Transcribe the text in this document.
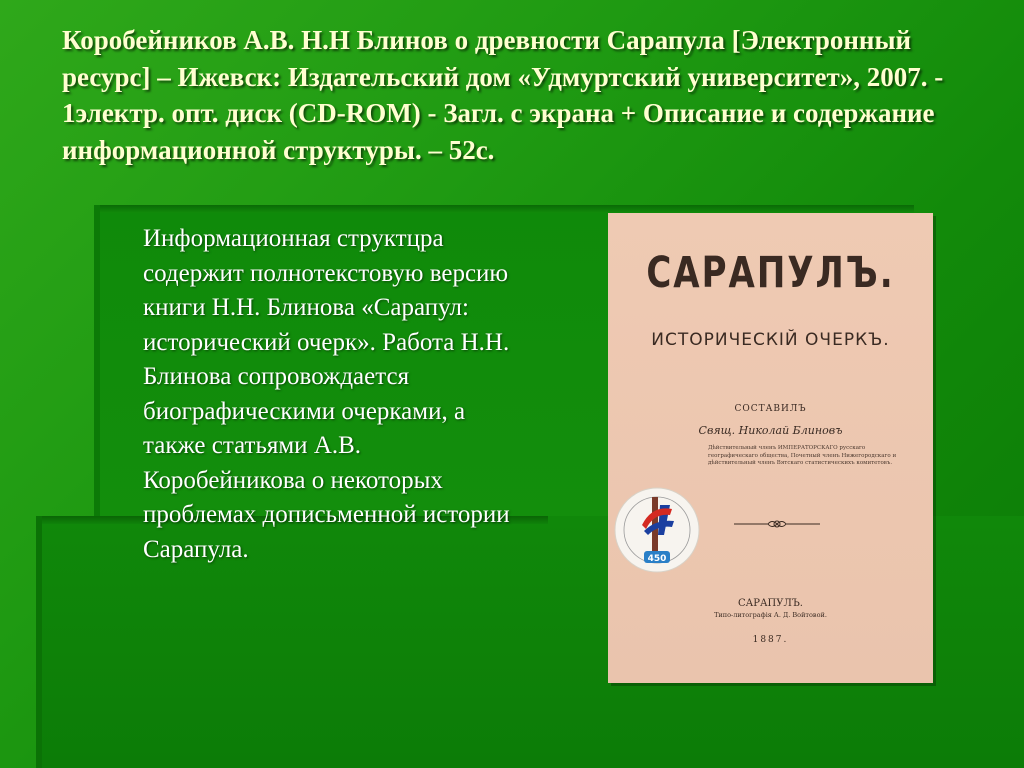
Коробейников А.В. Н.Н Блинов о древности Сарапула [Электронный ресурс] – Ижевск: Издательский дом «Удмуртский университет», 2007. - 1электр. опт. диск (CD-ROM) - Загл. с экрана + Описание и содержание информационной структуры. – 52с.

Информационная структцра содержит полнотекстовую версию книги Н.Н. Блинова «Сарапул: исторический очерк». Работа Н.Н. Блинова сопровождается биографическими очерками, а также статьями А.В. Коробейникова о некоторых проблемах дописьменной истории Сарапула.

САРАПУЛЪ.

ИСТОРИЧЕСКIЙ ОЧЕРКЪ.

СОСТАВИЛЪ

Свящ. Николай Блиновъ

Дѣйствительный членъ ИМПЕРАТОРСКАГО русскаго географическаго общества, Почетный членъ Нижегородскаго и дѣйствительный членъ Вятскаго статистическихъ комитетовъ.

450

САРАПУЛЪ.

Типо-литографія А. Д. Войтовой.

1887.
